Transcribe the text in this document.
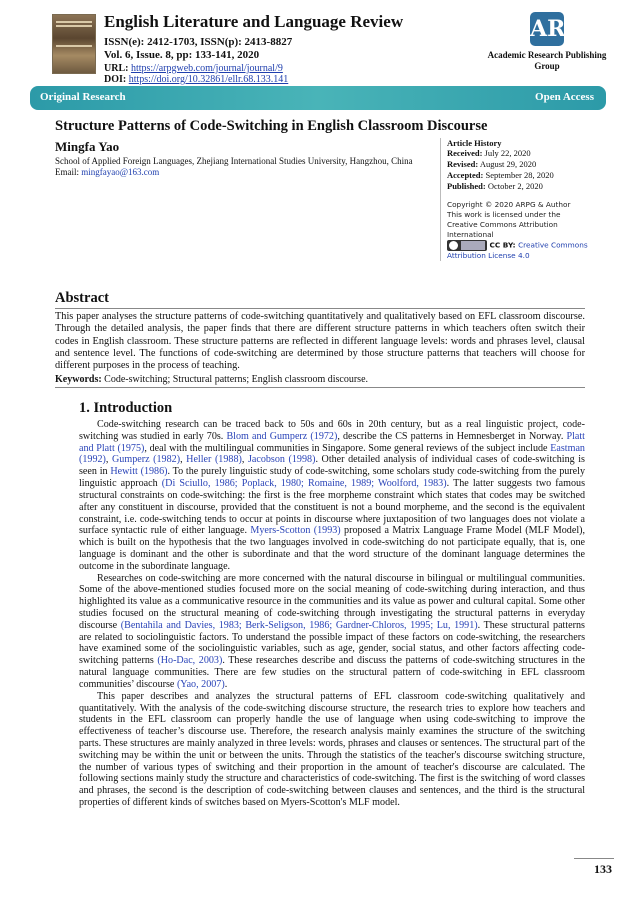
English Literature and Language Review
ISSN(e): 2412-1703, ISSN(p): 2413-8827
Vol. 6, Issue. 8, pp: 133-141, 2020
URL: https://arpgweb.com/journal/journal/9
DOI: https://doi.org/10.32861/ellr.68.133.141
AR
Academic Research Publishing Group
Original Research	Open Access
Structure Patterns of Code-Switching in English Classroom Discourse
Mingfa Yao
School of Applied Foreign Languages, Zhejiang International Studies University, Hangzhou, China
Email: mingfayao@163.com
Article History
Received: July 22, 2020
Revised: August 29, 2020
Accepted: September 28, 2020
Published: October 2, 2020
Copyright © 2020 ARPG & Author
This work is licensed under the Creative Commons Attribution International
CC BY: Creative Commons Attribution License 4.0
Abstract
This paper analyses the structure patterns of code-switching quantitatively and qualitatively based on EFL classroom discourse. Through the detailed analysis, the paper finds that there are different structure patterns in which teachers often switch their codes in English classroom. These structure patterns are reflected in different language levels: words and phrases level, clausal and sentence level. The functions of code-switching are determined by those structure patterns that teachers will choose for different purposes in the process of teaching.
Keywords: Code-switching; Structural patterns; English classroom discourse.
1. Introduction

Code-switching research can be traced back to 50s and 60s in 20th century, but as a real linguistic project, code-switching was studied in early 70s. Blom and Gumperz (1972), describe the CS patterns in Hemnesberget in Norway. Platt and Platt (1975), deal with the multilingual communities in Singapore. Some general reviews of the subject include Eastman (1992), Gumperz (1982), Heller (1988), Jacobson (1998). Other detailed analysis of individual cases of code-switching is seen in Hewitt (1986). To the purely linguistic study of code-switching, some scholars study code-switching from the purely linguistic approach (Di Sciullo, 1986; Poplack, 1980; Romaine, 1989; Woolford, 1983). The latter suggests two famous structural constraints on code-switching: the first is the free morpheme constraint which states that codes may be switched after any constituent in discourse, provided that the constituent is not a bound morpheme, and the second is the equivalent constraint, i.e. code-switching tends to occur at points in discourse where juxtaposition of two languages does not violate a surface syntactic rule of either language. Myers-Scotton (1993) proposed a Matrix Language Frame Model (MLF Model), which is built on the hypothesis that the two languages involved in code-switching do not participate equally, that is, one language is dominant and the other is subordinate and that the word structure of the dominant language determines the outcome in the subordinate language.

Researches on code-switching are more concerned with the natural discourse in bilingual or multilingual communities. Some of the above-mentioned studies focused more on the social meaning of code-switching during interaction, and thus highlighted its value as a communicative resource in the communities and its value as power and cultural capital. Some other studies focused on the structural meaning of code-switching through investigating the structural patterns in everyday discourse (Bentahila and Davies, 1983; Berk-Seligson, 1986; Gardner-Chloros, 1995; Lu, 1991). These structural patterns are related to sociolinguistic factors. To understand the possible impact of these factors on code-switching, the researchers have examined some of the sociolinguistic variables, such as age, gender, social status, and other factors affecting code-switching patterns (Ho-Dac, 2003). These researches describe and discuss the patterns of code-switching structures in the natural language communities. There are few studies on the structural pattern of code-switching in EFL classroom communities’ discourse (Yao, 2007).

This paper describes and analyzes the structural patterns of EFL classroom code-switching qualitatively and quantitatively. With the analysis of the code-switching discourse structure, the research tries to explore how teachers and students in the EFL classroom can properly handle the use of language when using code-switching to improve the effectiveness of teacher’s discourse use. Therefore, the research analysis mainly examines the structure of the switching parts. These structures are mainly analyzed in three levels: words, phrases and clauses or sentences. The structural part of the switching may be within the unit or between the units. Through the statistics of the teacher's discourse switching structure, the number of various types of switching and their proportion in the amount of teacher's discourse are calculated. The following sections mainly study the structure and characteristics of code-switching. The first is the switching of word classes and phrases, the second is the description of code-switching between clauses and sentences, and the third is the structural properties of different kinds of switches based on Myers-Scotton's MLF model.

133
